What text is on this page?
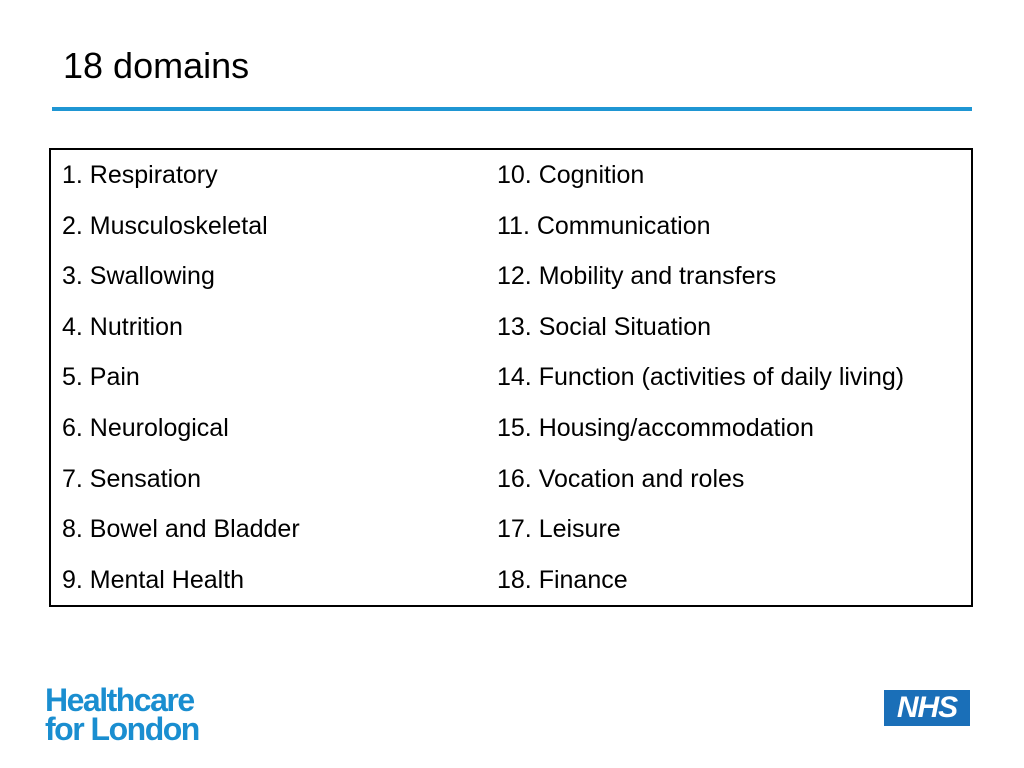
18 domains
1. Respiratory
2. Musculoskeletal
3. Swallowing
4. Nutrition
5. Pain
6. Neurological
7. Sensation
8. Bowel and Bladder
9. Mental Health
10. Cognition
11. Communication
12. Mobility and transfers
13. Social Situation
14. Function (activities of daily living)
15. Housing/accommodation
16. Vocation and roles
17. Leisure
18. Finance
Healthcare
for London
NHS
